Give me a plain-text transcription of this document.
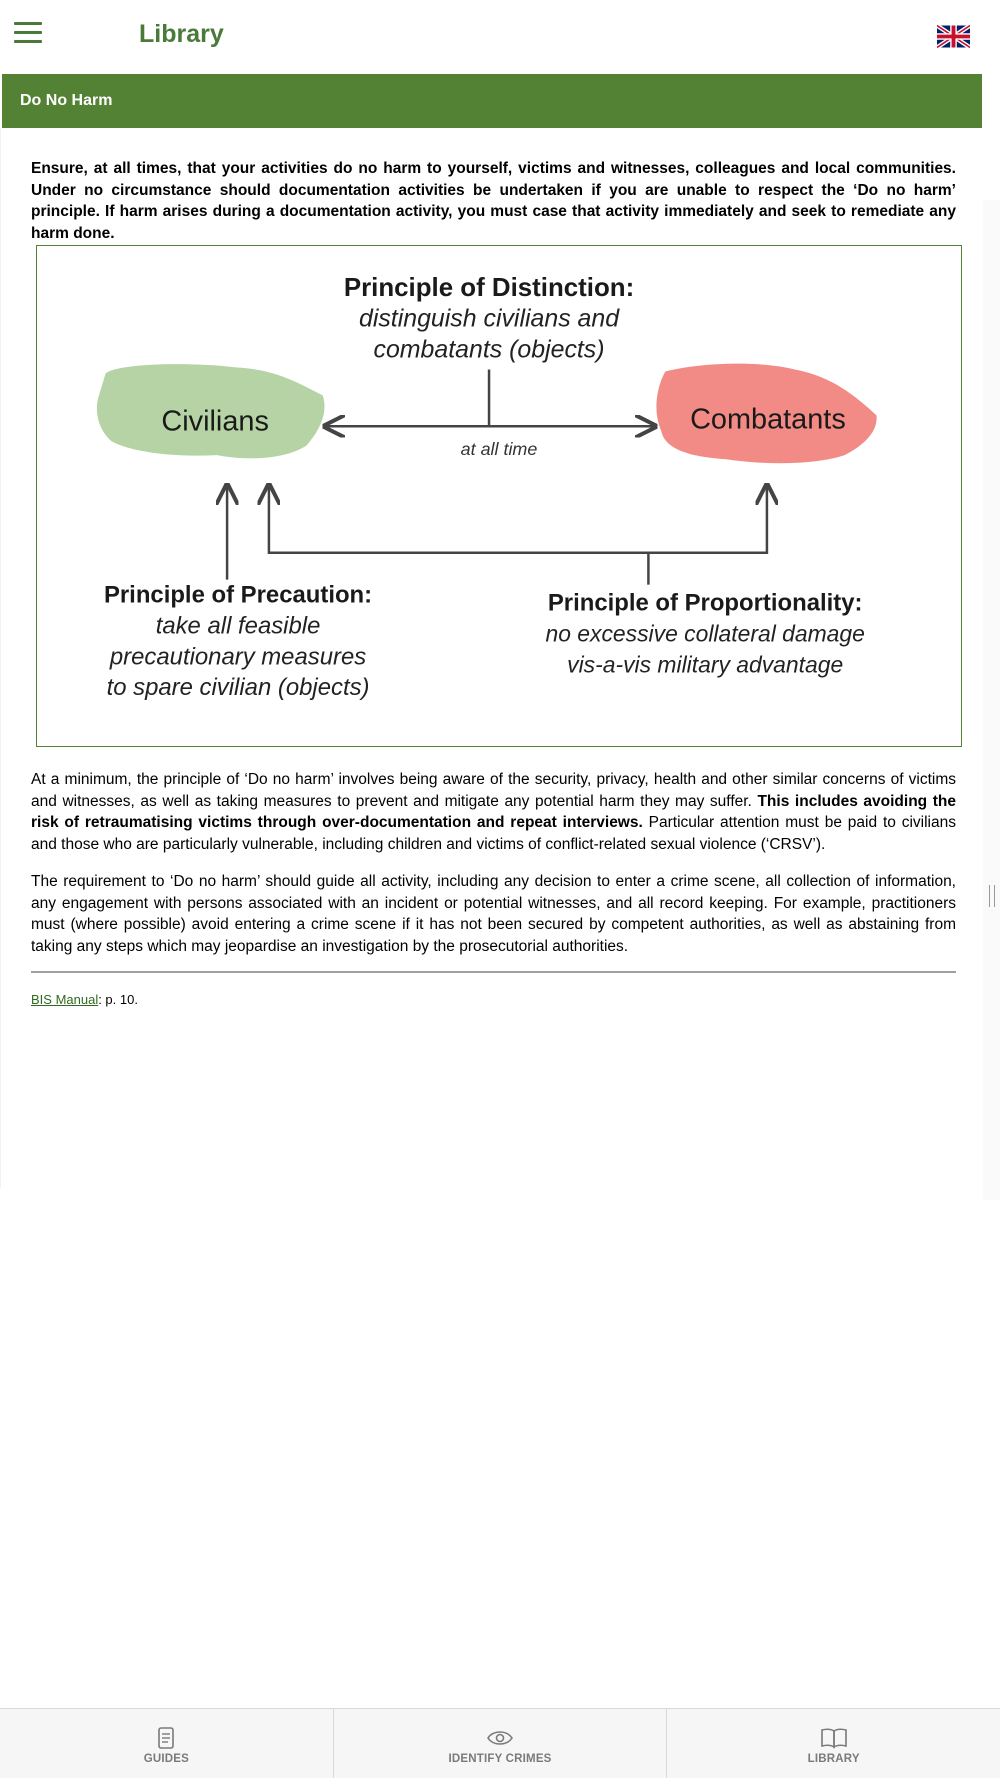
Library
Do No Harm

Ensure, at all times, that your activities do no harm to yourself, victims and witnesses, colleagues and local communities. Under no circumstance should documentation activities be undertaken if you are unable to respect the ‘Do no harm’ principle. If harm arises during a documentation activity, you must case that activity immediately and seek to remediate any harm done.

Principle of Distinction:
distinguish civilians and
combatants (objects)
Civilians	Combatants
at all time
Principle of Precaution:
take all feasible
precautionary measures
to spare civilian (objects)
Principle of Proportionality:
no excessive collateral damage
vis-a-vis military advantage

At a minimum, the principle of ‘Do no harm’ involves being aware of the security, privacy, health and other similar concerns of victims and witnesses, as well as taking measures to prevent and mitigate any potential harm they may suffer. This includes avoiding the risk of retraumatising victims through over-documentation and repeat interviews. Particular attention must be paid to civilians and those who are particularly vulnerable, including children and victims of conflict-related sexual violence (‘CRSV’).

The requirement to ‘Do no harm’ should guide all activity, including any decision to enter a crime scene, all collection of information, any engagement with persons associated with an incident or potential witnesses, and all record keeping. For example, practitioners must (where possible) avoid entering a crime scene if it has not been secured by competent authorities, as well as abstaining from taking any steps which may jeopardise an investigation by the prosecutorial authorities.

BIS Manual: p. 10.
GUIDES	IDENTIFY CRIMES	LIBRARY
